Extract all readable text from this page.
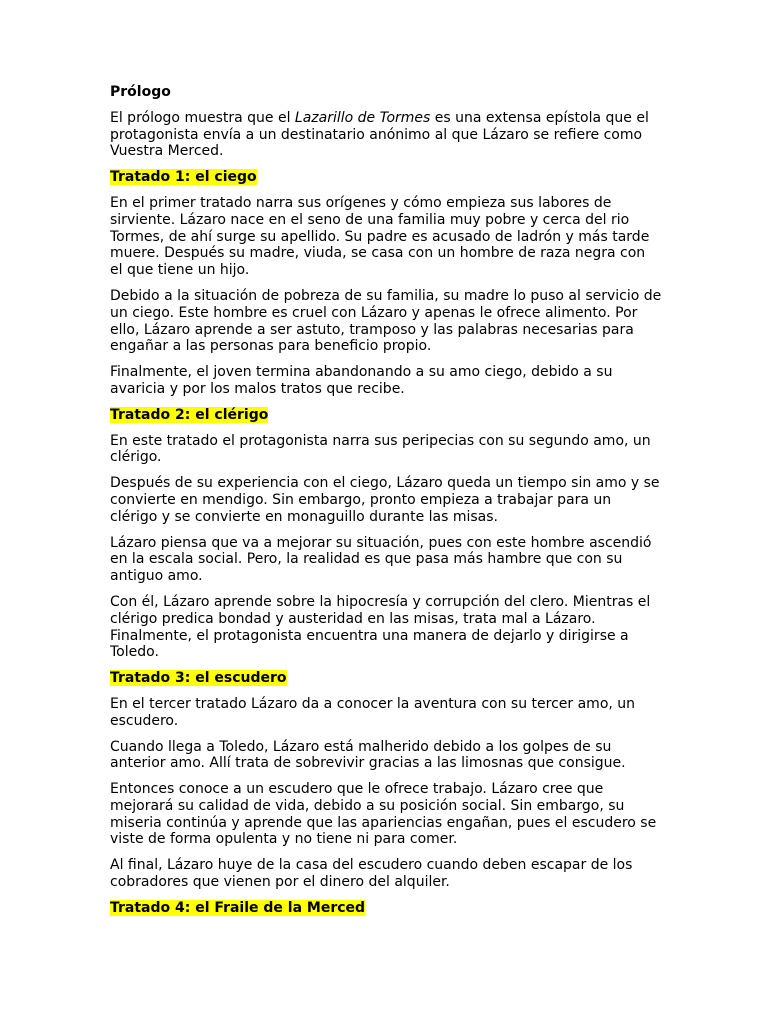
Prólogo

El prólogo muestra que el Lazarillo de Tormes es una extensa epístola que el protagonista envía a un destinatario anónimo al que Lázaro se refiere como Vuestra Merced.

Tratado 1: el ciego

En el primer tratado narra sus orígenes y cómo empieza sus labores de sirviente. Lázaro nace en el seno de una familia muy pobre y cerca del rio Tormes, de ahí surge su apellido. Su padre es acusado de ladrón y más tarde muere. Después su madre, viuda, se casa con un hombre de raza negra con el que tiene un hijo.

Debido a la situación de pobreza de su familia, su madre lo puso al servicio de un ciego. Este hombre es cruel con Lázaro y apenas le ofrece alimento. Por ello, Lázaro aprende a ser astuto, tramposo y las palabras necesarias para engañar a las personas para beneficio propio.

Finalmente, el joven termina abandonando a su amo ciego, debido a su avaricia y por los malos tratos que recibe.

Tratado 2: el clérigo

En este tratado el protagonista narra sus peripecias con su segundo amo, un clérigo.

Después de su experiencia con el ciego, Lázaro queda un tiempo sin amo y se convierte en mendigo. Sin embargo, pronto empieza a trabajar para un clérigo y se convierte en monaguillo durante las misas.

Lázaro piensa que va a mejorar su situación, pues con este hombre ascendió en la escala social. Pero, la realidad es que pasa más hambre que con su antiguo amo.

Con él, Lázaro aprende sobre la hipocresía y corrupción del clero. Mientras el clérigo predica bondad y austeridad en las misas, trata mal a Lázaro. Finalmente, el protagonista encuentra una manera de dejarlo y dirigirse a Toledo.

Tratado 3: el escudero

En el tercer tratado Lázaro da a conocer la aventura con su tercer amo, un escudero.

Cuando llega a Toledo, Lázaro está malherido debido a los golpes de su anterior amo. Allí trata de sobrevivir gracias a las limosnas que consigue.

Entonces conoce a un escudero que le ofrece trabajo. Lázaro cree que mejorará su calidad de vida, debido a su posición social. Sin embargo, su miseria continúa y aprende que las apariencias engañan, pues el escudero se viste de forma opulenta y no tiene ni para comer.

Al final, Lázaro huye de la casa del escudero cuando deben escapar de los cobradores que vienen por el dinero del alquiler.

Tratado 4: el Fraile de la Merced
